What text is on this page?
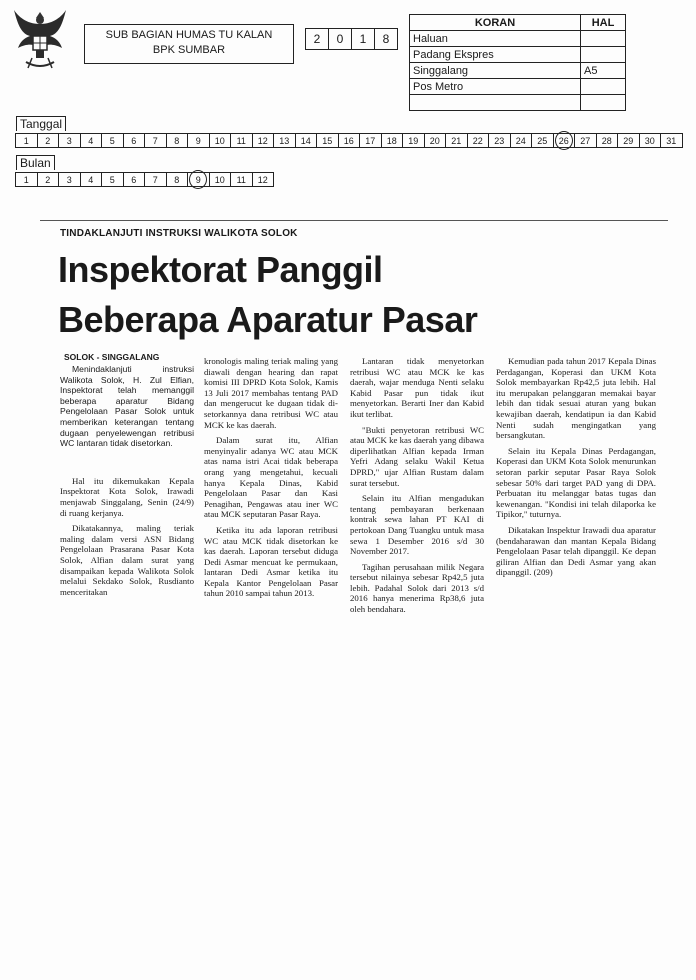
SUB BAGIAN HUMAS TU KALAN
BPK SUMBAR
2	0	1	8
KORAN	HAL
Haluan	
Padang Ekspres	
Singgalang	A5
Pos Metro	

Tanggal
1	2	3	4	5	6	7	8	9	10	11	12	13	14	15	16	17	18	19	20	21	22	23	24	25	26	27	28	29	30	31
Bulan
1	2	3	4	5	6	7	8	9	10	11	12
TINDAKLANJUTI INSTRUKSI WALIKOTA SOLOK
Inspektorat Panggil
Beberapa Aparatur Pasar
SOLOK - SINGGALANG

Menindaklanjuti instruksi Walikota Solok, H. Zul Elfian, Inspektorat telah memanggil beberapa aparatur Bidang Pengelolaan Pasar Solok untuk memberikan keterangan tentang dugaan penyelewengan retribusi WC lantaran tidak disetorkan.

Hal itu dikemukakan Kepala Inspektorat Kota Solok, Irawadi menjawab Singgalang, Senin (24/9) di ruang kerjanya.

Dikatakannya, maling teriak maling dalam versi ASN Bidang Pengelolaan Prasarana Pasar Kota Solok, Alfian dalam surat yang disampaikan kepada Walikota Solok melalui Sekdako Solok, Rusdianto menceritakan

kronologis maling teriak maling yang diawali dengan hearing dan rapat komisi III DPRD Kota Solok, Kamis 13 Juli 2017 membahas tentang PAD dan mengerucut ke dugaan tidak di-setorkannya dana retribusi WC atau MCK ke kas daerah.

Dalam surat itu, Alfian menyinyalir adanya WC atau MCK atas nama istri Acai tidak beberapa orang yang mengetahui, kecuali hanya Kepala Dinas, Kabid Pengelolaan Pasar dan Kasi Penagihan, Pengawas atau iner WC atau MCK seputaran Pasar Raya.

Ketika itu ada laporan retribusi WC atau MCK tidak disetorkan ke kas daerah. Laporan tersebut diduga Dedi Asmar mencuat ke permukaan, lantaran Dedi Asmar ketika itu Kepala Kantor Pengelolaan Pasar tahun 2010 sampai tahun 2013.

Lantaran tidak menyetorkan retribusi WC atau MCK ke kas daerah, wajar menduga Nenti selaku Kabid Pasar pun tidak ikut menyetorkan. Berarti Iner dan Kabid ikut terlibat.

"Bukti penyetoran retribusi WC atau MCK ke kas daerah yang dibawa diperlihatkan Alfian kepada Irman Yefri Adang selaku Wakil Ketua DPRD," ujar Alfian Rustam dalam surat tersebut.

Selain itu Alfian mengadukan tentang pembayaran berkenaan kontrak sewa lahan PT KAI di pertokoan Dang Tuangku untuk masa sewa 1 Desember 2016 s/d 30 November 2017.

Tagihan perusahaan milik Negara tersebut nilainya sebesar Rp42,5 juta lebih. Padahal Solok dari 2013 s/d 2016 hanya menerima Rp38,6 juta oleh bendahara.

Kemudian pada tahun 2017 Kepala Dinas Perdagangan, Koperasi dan UKM Kota Solok membayarkan Rp42,5 juta lebih. Hal itu merupakan pelanggaran memakai bayar lebih dan tidak sesuai aturan yang bukan kewajiban daerah, kendatipun ia dan Kabid Nenti sudah mengingatkan yang bersangkutan.

Selain itu Kepala Dinas Perdagangan, Koperasi dan UKM Kota Solok menurunkan setoran parkir seputar Pasar Raya Solok sebesar 50% dari target PAD yang di DPA. Perbuatan itu melanggar batas tugas dan kewenangan. "Kondisi ini telah dilaporka ke Tipikor," tuturnya.

Dikatakan Inspektur Irawadi dua aparatur (bendaharawan dan mantan Kepala Bidang Pengelolaan Pasar telah dipanggil. Ke depan giliran Alfian dan Dedi Asmar yang akan dipanggil. (209)
